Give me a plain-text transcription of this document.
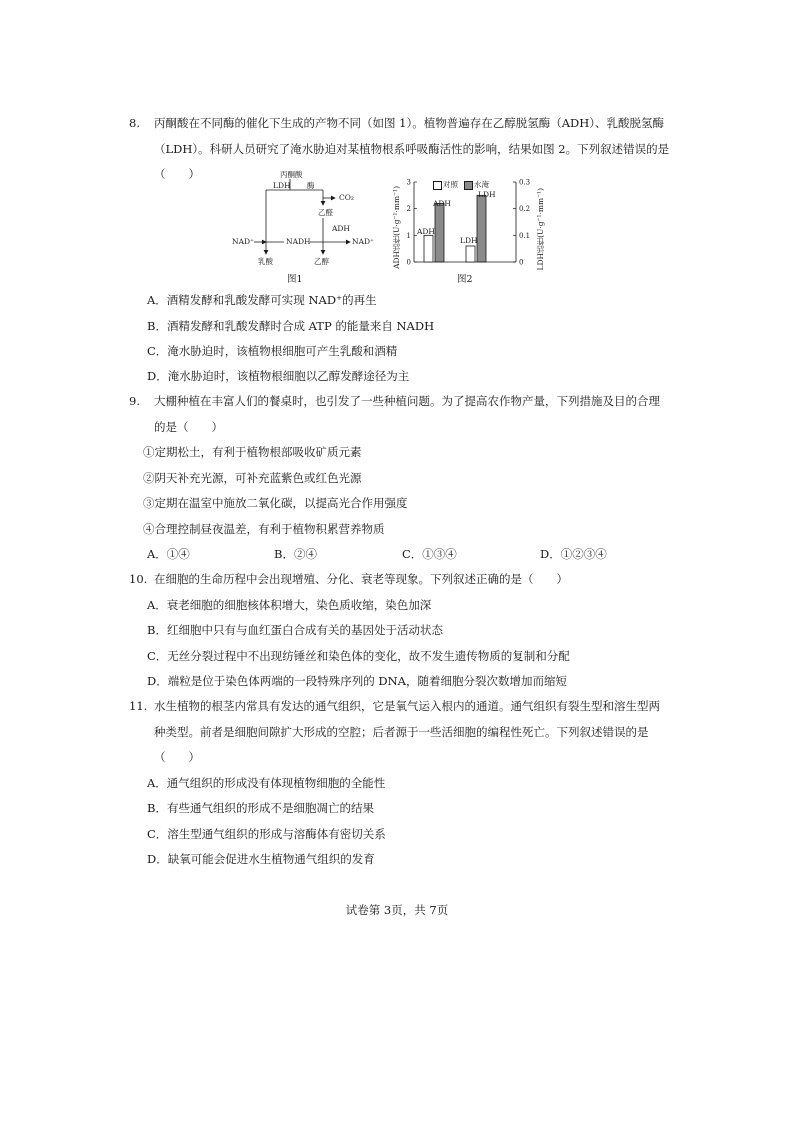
8. 丙酮酸在不同酶的催化下生成的产物不同（如图 1）。植物普遍存在乙醇脱氢酶（ADH）、乳酸脱氢酶
（LDH）。科研人员研究了淹水胁迫对某植物根系呼吸酶活性的影响，结果如图 2。下列叙述错误的是
（　　）	丙酮酸
LDH 酶
CO₂
乙醛
ADH
NAD⁺	NADH	NAD⁺
乳酸	乙醇
图1
0
1
2
3
0
0.1
0.2
0.3
ADH活性(U·g⁻¹·mm⁻¹)	LDH活性(U·g⁻¹·mm⁻¹)
对照 水淹
ADH
ADH
LDH
LDH
图2
A．酒精发酵和乳酸发酵可实现 NAD⁺的再生
B．酒精发酵和乳酸发酵时合成 ATP 的能量来自 NADH
C．淹水胁迫时，该植物根细胞可产生乳酸和酒精
D．淹水胁迫时，该植物根细胞以乙醇发酵途径为主
9. 大棚种植在丰富人们的餐桌时，也引发了一些种植问题。为了提高农作物产量，下列措施及目的合理
的是（　　）
①定期松土，有利于植物根部吸收矿质元素
②阴天补充光源，可补充蓝紫色或红色光源
③定期在温室中施放二氧化碳，以提高光合作用强度
④合理控制昼夜温差，有利于植物积累营养物质
A．①④	B．②④	C．①③④	D．①②③④
10. 在细胞的生命历程中会出现增殖、分化、衰老等现象。下列叙述正确的是（　　）
A．衰老细胞的细胞核体积增大，染色质收缩，染色加深
B．红细胞中只有与血红蛋白合成有关的基因处于活动状态
C．无丝分裂过程中不出现纺锤丝和染色体的变化，故不发生遗传物质的复制和分配
D．端粒是位于染色体两端的一段特殊序列的 DNA，随着细胞分裂次数增加而缩短
11. 水生植物的根茎内常具有发达的通气组织，它是氧气运入根内的通道。通气组织有裂生型和溶生型两
种类型。前者是细胞间隙扩大形成的空腔；后者源于一些活细胞的编程性死亡。下列叙述错误的是
（　　）
A．通气组织的形成没有体现植物细胞的全能性
B．有些通气组织的形成不是细胞凋亡的结果
C．溶生型通气组织的形成与溶酶体有密切关系
D．缺氧可能会促进水生植物通气组织的发育
试卷第 3页，共 7页
